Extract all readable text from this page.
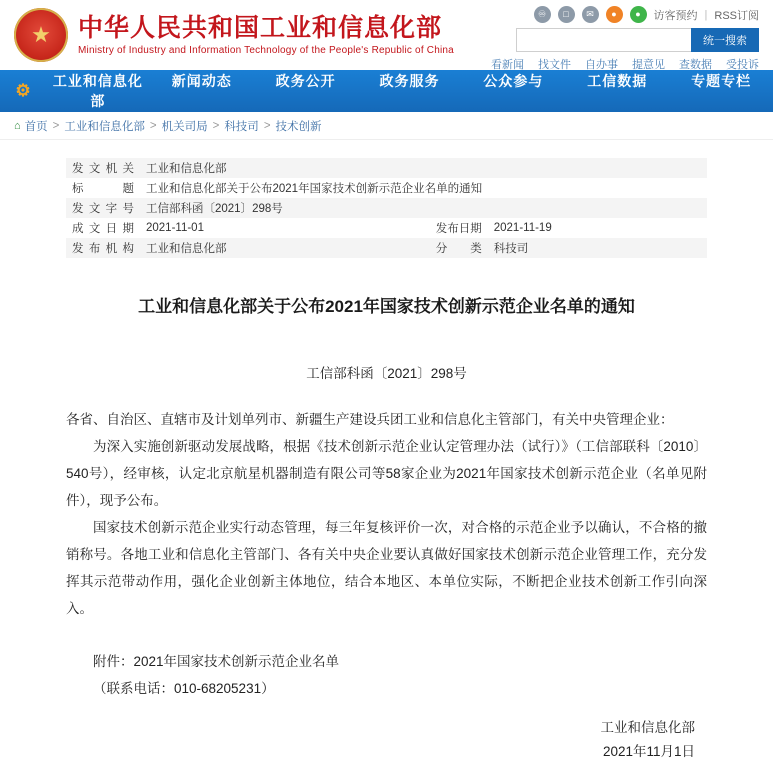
★
中华人民共和国工业和信息化部
Ministry of Industry and Information Technology of the People's Republic of China
♾	□	✉	●	●	访客预约 | RSS订阅
统一搜索
看新闻 找文件 自办事 提意见 查数据 受投诉
⚙	工业和信息化部
新闻动态	政务公开	政务服务	公众参与	工信数据	专题专栏
⌂ 首页 > 工业和信息化部 > 机关司局 > 科技司 > 技术创新
发文机关	工业和信息化部		
标　　题	工业和信息化部关于公布2021年国家技术创新示范企业名单的通知		
发文字号	工信部科函〔2021〕298号		
成文日期	2021-11-01	发布日期	2021-11-19
发布机构	工业和信息化部	分　　类	科技司
工业和信息化部关于公布2021年国家技术创新示范企业名单的通知
工信部科函〔2021〕298号

各省、自治区、直辖市及计划单列市、新疆生产建设兵团工业和信息化主管部门，有关中央管理企业：

为深入实施创新驱动发展战略，根据《技术创新示范企业认定管理办法（试行）》（工信部联科〔2010〕540号），经审核，认定北京航星机器制造有限公司等58家企业为2021年国家技术创新示范企业（名单见附件），现予公布。

国家技术创新示范企业实行动态管理，每三年复核评价一次，对合格的示范企业予以确认，不合格的撤销称号。各地工业和信息化主管部门、各有关中央企业要认真做好国家技术创新示范企业管理工作，充分发挥其示范带动作用，强化企业创新主体地位，结合本地区、本单位实际，不断把企业技术创新工作引向深入。

附件：2021年国家技术创新示范企业名单

（联系电话：010-68205231）

工业和信息化部
2021年11月1日
